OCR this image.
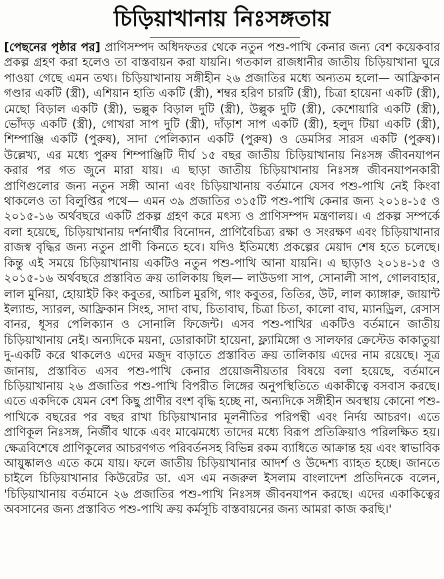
চিড়িয়াখানায় নিঃসঙ্গতায়

[পেছনের পৃষ্ঠার পর] প্রাণিসম্পদ অধিদফতর থেকে নতুন পশু-পাখি কেনার জন্য বেশ কয়েকবার প্রকল্প গ্রহণ করা হলেও তা বাস্তবায়ন করা যায়নি। গতকাল রাজধানীর জাতীয় চিড়িয়াখানা ঘুরে পাওয়া গেছে এমন তথ্য। চিড়িয়াখানায় সঙ্গীহীন ২৬ প্রজাতির মধ্যে অন্যতম হলো— আফ্রিকান গণ্ডার একটি (স্ত্রী), এশিয়ান হাতি একটি (স্ত্রী), শম্বর হরিণ চারটি (স্ত্রী), চিত্রা হায়েনা একটি (স্ত্রী), মেছো বিড়াল একটি (স্ত্রী), ভল্লুক বিড়াল দুটি (স্ত্রী), উল্লুক দুটি (স্ত্রী), কেশোয়ারি একটি (স্ত্রী), ভোঁদড় একটি (স্ত্রী), গোখরা সাপ দুটি (স্ত্রী), দাঁড়াশ সাপ একটি (স্ত্রী), হলুদ টিয়া একটি (স্ত্রী), শিম্পাঞ্জি একটি (পুরুষ), সাদা পেলিক্যান একটি (পুরুষ) ও ডেমসির সারস একটি (পুরুষ)। উল্লেখ্য, এর মধ্যে পুরুষ শিম্পাঞ্জিটি দীর্ঘ ১৫ বছর জাতীয় চিড়িয়াখানায় নিঃসঙ্গ জীবনযাপন করার পর গত জুনে মারা যায়। এ ছাড়া জাতীয় চিড়িয়াখানায় নিঃসঙ্গ জীবনযাপনকারী প্রাণিগুলোর জন্য নতুন সঙ্গী আনা এবং চিড়িয়াখানায় বর্তমানে যেসব পশু-পাখি নেই কিংবা থাকলেও তা বিলুপ্তির পথে— এমন ৩৯ প্রজাতির ৩১৫টি পশু-পাখি কেনার জন্য ২০১৪-১৫ ও ২০১৫-১৬ অর্থবছরে একটি প্রকল্প গ্রহণ করে মৎস্য ও প্রাণিসম্পদ মন্ত্রণালয়। এ প্রকল্প সম্পর্কে বলা হয়েছে, চিড়িয়াখানায় দর্শনার্থীর বিনোদন, প্রাণিবৈচিত্র্য রক্ষা ও সংরক্ষণ এবং চিড়িয়াখানার রাজস্ব বৃদ্ধির জন্য নতুন প্রাণী কিনতে হবে। যদিও ইতিমধ্যে প্রকল্পের মেয়াদ শেষ হতে চলেছে। কিন্তু এই সময়ে চিড়িয়াখানায় একটিও নতুন পশু-পাখি আনা যায়নি। এ ছাড়াও ২০১৪-১৫ ও ২০১৫-১৬ অর্থবছরে প্রস্তাবিত ক্রয় তালিকায় ছিল— লাউডগা সাপ, সোনালী সাপ, গোলবাহার, লাল মুনিয়া, হোয়াইট কিং কবুতর, আচিল মুরগি, গাং কবুতর, তিতির, উট, লাল ক্যাঙ্গারু, জায়ান্ট ইল্যান্ড, স্যারল, আফ্রিকান সিংহ, সাদা বাঘ, চিতাবাঘ, চিত্রা চিতা, কালো বাঘ, ম্যানড্রিল, রেসাস বানর, ধূসর পেলিক্যান ও সোনালি ফিজেন্ট। এসব পশু-পাখির একটিও বর্তমানে জাতীয় চিড়িয়াখানায় নেই। অন্যদিকে ময়না, ডোরাকাটা হায়েনা, ফ্ল্যামিঙ্গো ও সালফার ক্রেস্টেড কাকাতুয়া দু-একটি করে থাকলেও এদের মজুদ বাড়াতে প্রস্তাবিত ক্রয় তালিকায় এদের নাম রয়েছে। সূত্র জানায়, প্রস্তাবিত এসব পশু-পাখি কেনার প্রয়োজনীয়তার বিষয়ে বলা হয়েছে, বর্তমানে চিড়িয়াখানায় ২৬ প্রজাতির পশু-পাখি বিপরীত লিঙ্গের অনুপস্থিতিতে একাকীত্বে বসবাস করছে। এতে একদিকে যেমন বেশ কিছু প্রাণীর বংশ বৃদ্ধি হচ্ছে না, অন্যদিকে সঙ্গীহীন অবস্থায় কোনো পশু-পাখিকে বছরের পর বছর রাখা চিড়িয়াখানার মূলনীতির পরিপন্থী এবং নির্দয় আচরণ। এতে প্রাণিকূল নিঃসঙ্গ, নির্জীব থাকে এবং মাঝেমধ্যে তাদের মধ্যে বিরূপ প্রতিক্রিয়াও পরিলক্ষিত হয়। ক্ষেত্রবিশেষে প্রাণিকূলের আচরণগত পরিবর্তনসহ বিভিন্ন রকম ব্যাধিতে আক্রান্ত হয় এবং স্বাভাবিক আয়ুষ্কালও এতে কমে যায়। ফলে জাতীয় চিড়িয়াখানার আদর্শ ও উদ্দেশ্য ব্যাহত হচ্ছে। জানতে চাইলে চিড়িয়াখানার কিউরেটর ডা. এস এম নজরুল ইসলাম বাংলাদেশ প্রতিদিনকে বলেন, 'চিড়িয়াখানায় বর্তমানে ২৬ প্রজাতির পশু-পাখি নিঃসঙ্গ জীবনযাপন করছে। এদের একাকিত্বের অবসানের জন্য প্রস্তাবিত পশু-পাখি ক্রয় কর্মসূচি বাস্তবায়নের জন্য আমরা কাজ করছি।'
